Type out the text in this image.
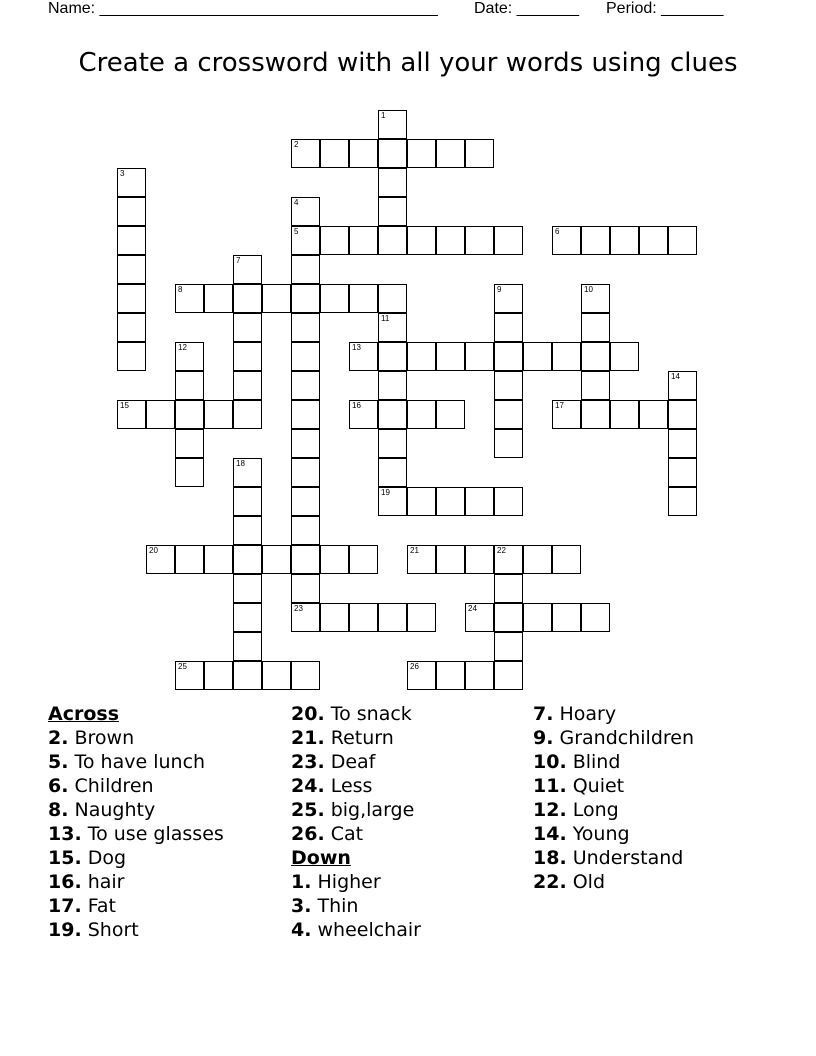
Name: ______________________________________ Date: _______ Period: _______
Create a crossword with all your words using clues
1
2
3
4
5
23
6
7
8	9	10
11
19
12	13
14
15	16	17
18
20	21	22
24
25	26
Across
2. Brown
5. To have lunch
6. Children
8. Naughty
13. To use glasses
15. Dog
16. hair
17. Fat
19. Short
20. To snack
21. Return
23. Deaf
24. Less
25. big,large
26. Cat
Down
1. Higher
3. Thin
4. wheelchair
7. Hoary
9. Grandchildren
10. Blind
11. Quiet
12. Long
14. Young
18. Understand
22. Old
